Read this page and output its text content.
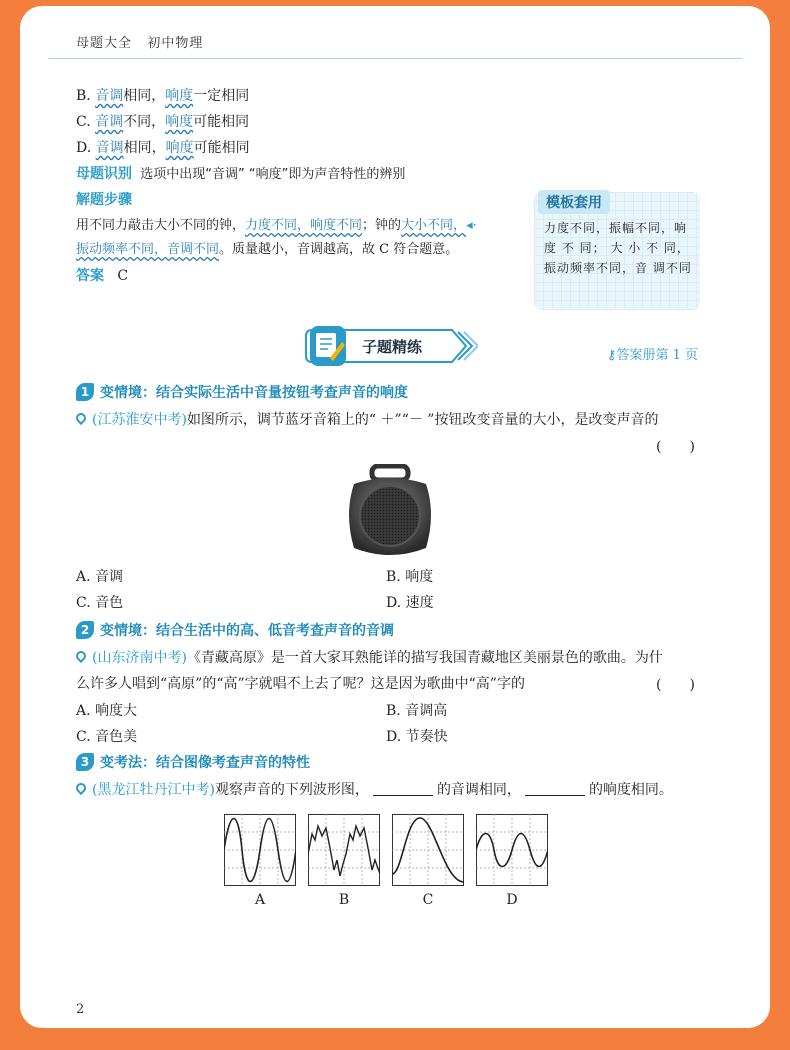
母题大全 初中物理
B. 音调相同，响度一定相同
C. 音调不同，响度可能相同
D. 音调相同，响度可能相同
母题识别 选项中出现“音调” “响度”即为声音特性的辨别
解题步骤
用不同力敲击大小不同的钟，力度不同，响度不同；钟的大小不同，◂·
振动频率不同，音调不同。质量越小，音调越高，故 C 符合题意。
答案 C
模板套用
力度不同，振幅不同，响 度 不 同； 大 小 不 同，振动频率不同，音 调不同
子题精练	⚷答案册第 1 页
1 变情境：结合实际生活中音量按钮考查声音的响度
(江苏淮安中考)如图所示，调节蓝牙音箱上的“ ＋”“－ ”按钮改变音量的大小，是改变声音的
(　　)
A. 音调	B. 响度
C. 音色	D. 速度
2 变情境：结合生活中的高、低音考查声音的音调
(山东济南中考)《青藏高原》是一首大家耳熟能详的描写我国青藏地区美丽景色的歌曲。为什
么许多人唱到“高原”的“高”字就唱不上去了呢？这是因为歌曲中“高”字的	(　　)
A. 响度大	B. 音调高
C. 音色美	D. 节奏快
3 变考法：结合图像考查声音的特性
(黑龙江牡丹江中考)观察声音的下列波形图，	的音调相同，	的响度相同。
A	B	C	D
2
